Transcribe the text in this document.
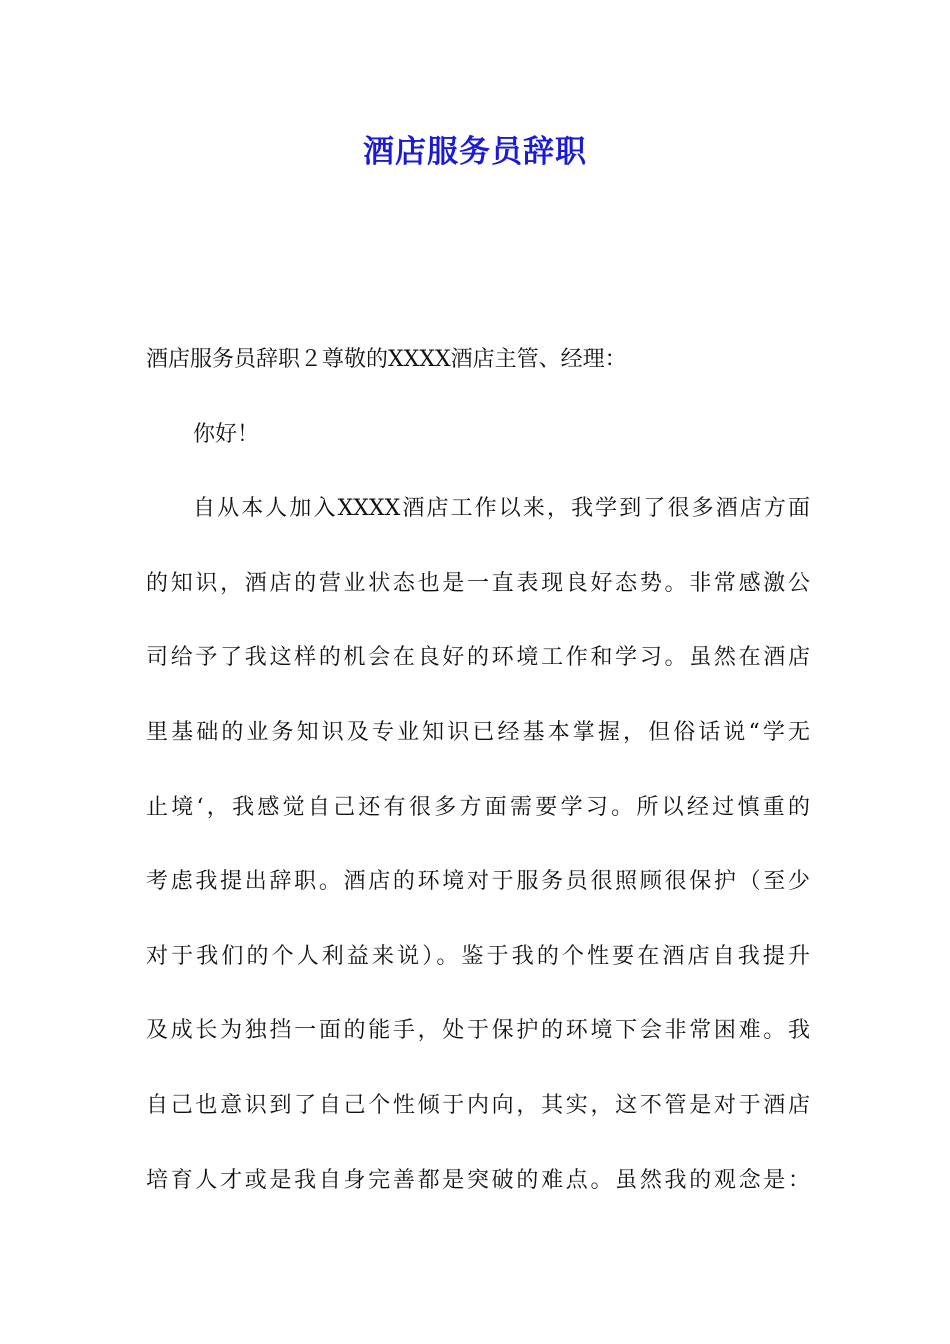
酒店服务员辞职

酒店服务员辞职２尊敬的XXXX酒店主管、经理：

你好！

自从本人加入XXXX酒店工作以来，我学到了很多酒店方面

的知识，酒店的营业状态也是一直表现良好态势。非常感激公

司给予了我这样的机会在良好的环境工作和学习。虽然在酒店

里基础的业务知识及专业知识已经基本掌握，但俗话说“学无

止境‘，我感觉自己还有很多方面需要学习。所以经过慎重的

考虑我提出辞职。酒店的环境对于服务员很照顾很保护（至少

对于我们的个人利益来说）。鉴于我的个性要在酒店自我提升

及成长为独挡一面的能手，处于保护的环境下会非常困难。我

自己也意识到了自己个性倾于内向，其实，这不管是对于酒店

培育人才或是我自身完善都是突破的难点。虽然我的观念是：
